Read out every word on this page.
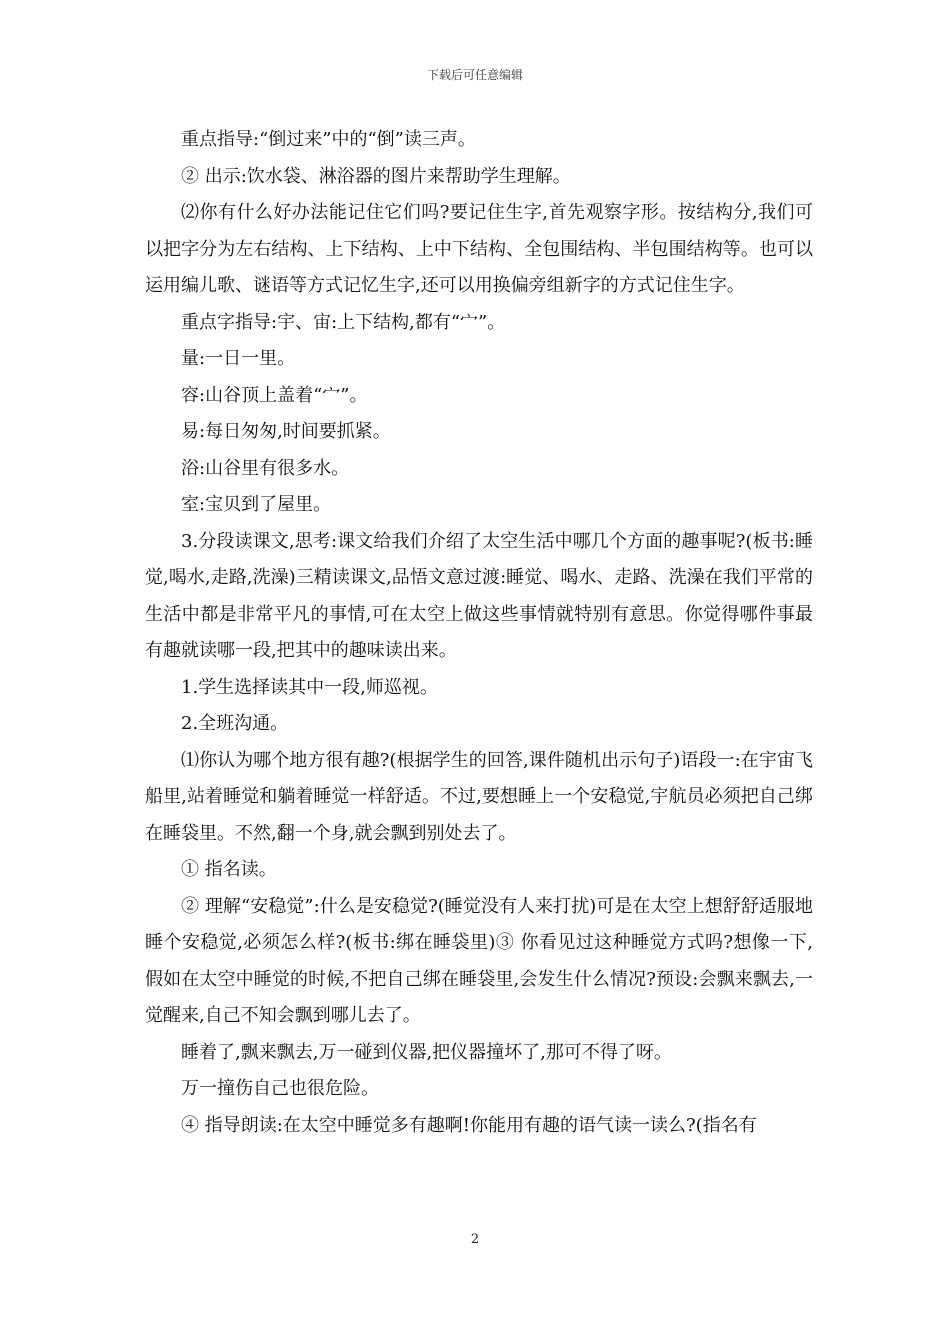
下载后可任意编辑

重点指导:“倒过来”中的“倒”读三声。

② 出示:饮水袋、淋浴器的图片来帮助学生理解。

⑵你有什么好办法能记住它们吗?要记住生字,首先观察字形。按结构分,我们可以把字分为左右结构、上下结构、上中下结构、全包围结构、半包围结构等。也可以运用编儿歌、谜语等方式记忆生字,还可以用换偏旁组新字的方式记住生字。

重点字指导:宇、宙:上下结构,都有“宀”。

量:一日一里。

容:山谷顶上盖着“宀”。

易:每日匆匆,时间要抓紧。

浴:山谷里有很多水。

室:宝贝到了屋里。

3.分段读课文,思考:课文给我们介绍了太空生活中哪几个方面的趣事呢?(板书:睡觉,喝水,走路,洗澡)三精读课文,品悟文意过渡:睡觉、喝水、走路、洗澡在我们平常的生活中都是非常平凡的事情,可在太空上做这些事情就特别有意思。你觉得哪件事最有趣就读哪一段,把其中的趣味读出来。

1.学生选择读其中一段,师巡视。

2.全班沟通。

⑴你认为哪个地方很有趣?(根据学生的回答,课件随机出示句子)语段一:在宇宙飞船里,站着睡觉和躺着睡觉一样舒适。不过,要想睡上一个安稳觉,宇航员必须把自己绑在睡袋里。不然,翻一个身,就会飘到别处去了。

① 指名读。

② 理解“安稳觉”:什么是安稳觉?(睡觉没有人来打扰)可是在太空上想舒舒适服地睡个安稳觉,必须怎么样?(板书:绑在睡袋里)③ 你看见过这种睡觉方式吗?想像一下,假如在太空中睡觉的时候,不把自己绑在睡袋里,会发生什么情况?预设:会飘来飘去,一觉醒来,自己不知会飘到哪儿去了。

睡着了,飘来飘去,万一碰到仪器,把仪器撞坏了,那可不得了呀。

万一撞伤自己也很危险。

④ 指导朗读:在太空中睡觉多有趣啊!你能用有趣的语气读一读么?(指名有

2
